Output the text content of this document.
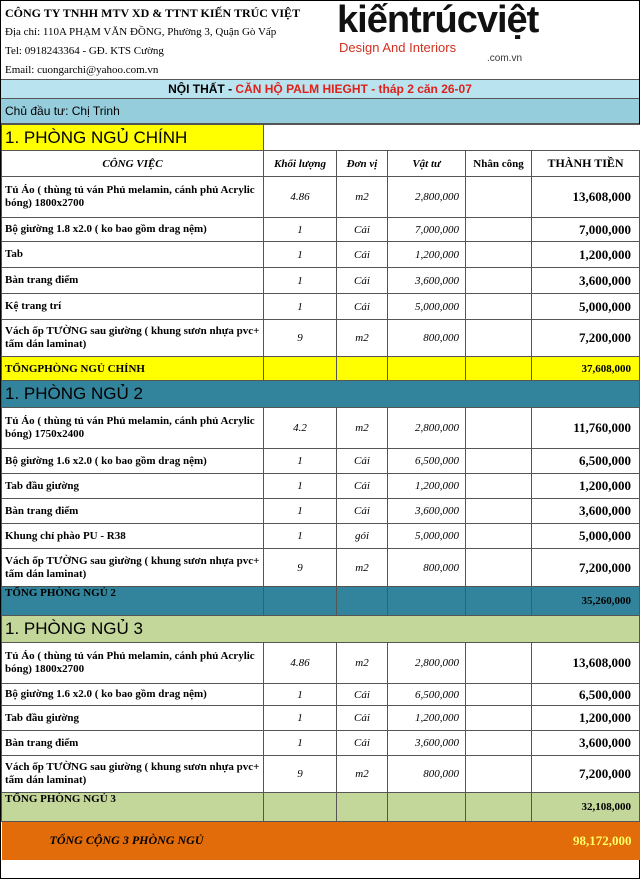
CÔNG TY TNHH MTV XD & TTNT KIẾN TRÚC VIỆT
Địa chỉ: 110A PHẠM VĂN ĐỒNG, Phường 3, Quận Gò Vấp
Tel: 0918243364 - GĐ. KTS Cường
Email: cuongarchi@yahoo.com.vn
kiếntrúcviệt
Design And Interiors
.com.vn
NỘI THẤT - CĂN HỘ PALM HIEGHT - tháp 2 căn 26-07
Chủ đầu tư: Chị Trinh
1. PHÒNG NGỦ CHÍNH					
CÔNG VIỆC	Khối lượng	Đơn vị	Vật tư	Nhân công	THÀNH TIỀN
Tủ Áo ( thùng tủ ván Phủ melamin, cánh phủ Acrylic bóng) 1800x2700	4.86	m2	2,800,000		13,608,000
Bộ giường 1.8 x2.0 ( ko bao gồm drag nệm)	1	Cái	7,000,000		7,000,000
Tab	1	Cái	1,200,000		1,200,000
Bàn trang điểm	1	Cái	3,600,000		3,600,000
Kệ trang trí	1	Cái	5,000,000		5,000,000
Vách ốp TƯỜNG sau giường ( khung sươn nhựa pvc+ tấm dán laminat)	9	m2	800,000		7,200,000
TỔNGPHÒNG NGỦ CHÍNH					37,608,000
1. PHÒNG NGỦ 2					
Tủ Áo ( thùng tủ ván Phủ melamin, cánh phủ Acrylic bóng) 1750x2400	4.2	m2	2,800,000		11,760,000
Bộ giường 1.6 x2.0 ( ko bao gồm drag nệm)	1	Cái	6,500,000		6,500,000
Tab đầu giường	1	Cái	1,200,000		1,200,000
Bàn trang điểm	1	Cái	3,600,000		3,600,000
Khung chỉ phào PU - R38	1	gói	5,000,000		5,000,000
Vách ốp TƯỜNG sau giường ( khung sươn nhựa pvc+ tấm dán laminat)	9	m2	800,000		7,200,000
TỔNG PHÒNG NGỦ 2					35,260,000
1. PHÒNG NGỦ 3					
Tủ Áo ( thùng tủ ván Phủ melamin, cánh phủ Acrylic bóng) 1800x2700	4.86	m2	2,800,000		13,608,000
Bộ giường 1.6 x2.0 ( ko bao gồm drag nệm)	1	Cái	6,500,000		6,500,000
Tab đầu giường	1	Cái	1,200,000		1,200,000
Bàn trang điểm	1	Cái	3,600,000		3,600,000
Vách ốp TƯỜNG sau giường ( khung sươn nhựa pvc+ tấm dán laminat)	9	m2	800,000		7,200,000
TỔNG PHÒNG NGỦ 3					32,108,000
TỔNG CỘNG 3 PHÒNG NGỦ					98,172,000
